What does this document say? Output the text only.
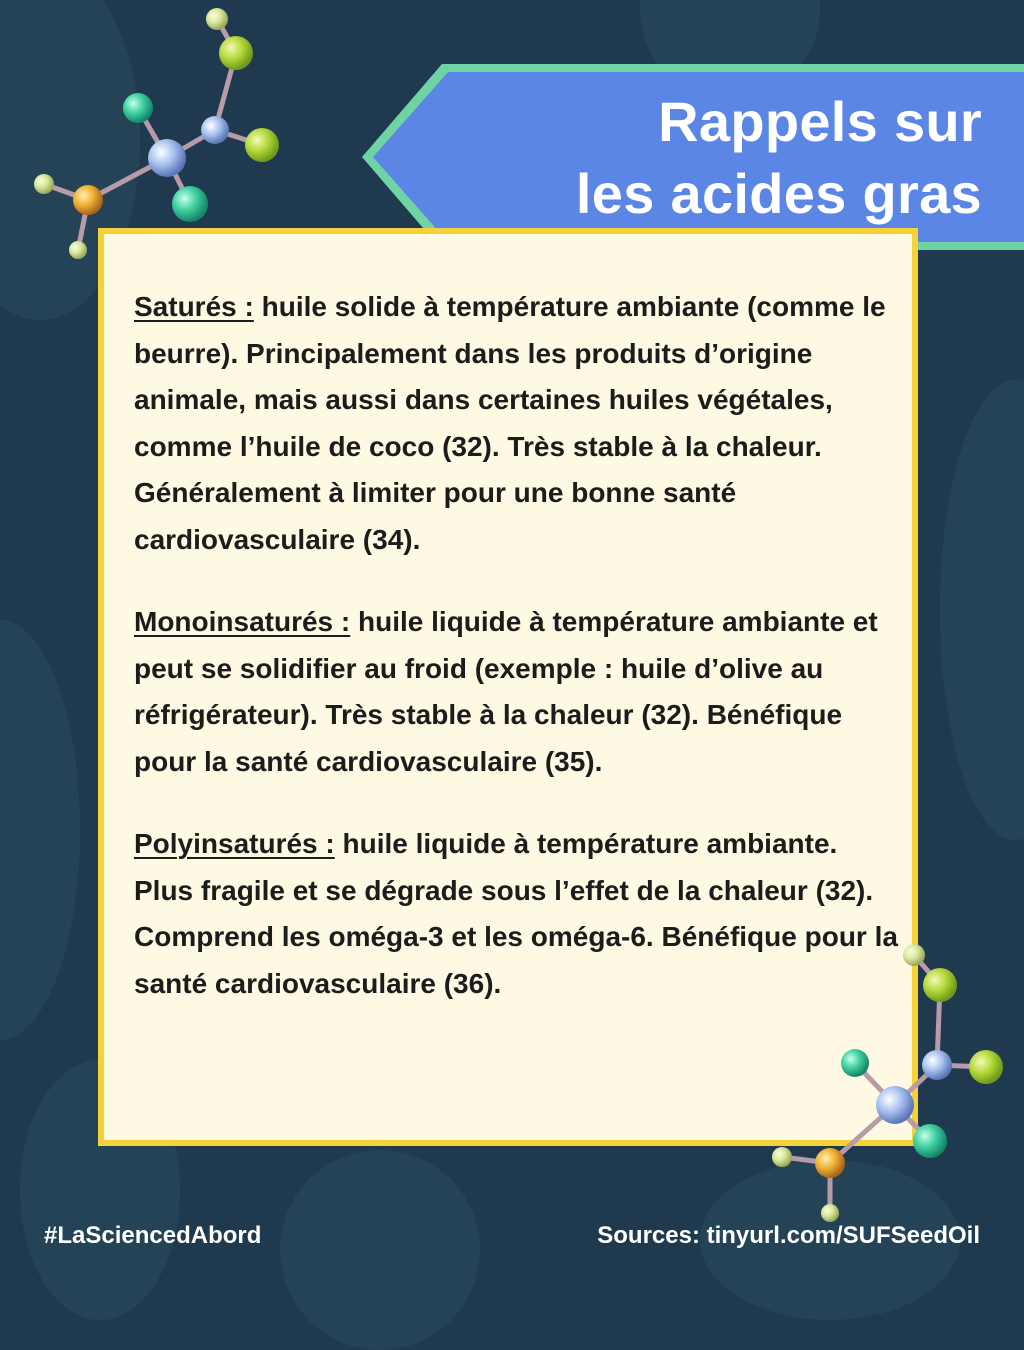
Rappels sur
les acides gras

Saturés : huile solide à température ambiante (comme le beurre). Principalement dans les produits d’origine animale, mais aussi dans certaines huiles végétales, comme l’huile de coco (32). Très stable à la chaleur. Généralement à limiter pour une bonne santé cardiovasculaire (34).

Monoinsaturés : huile liquide à température ambiante et peut se solidifier au froid (exemple : huile d’olive au réfrigérateur). Très stable à la chaleur (32). Bénéfique pour la santé cardiovasculaire (35).

Polyinsaturés : huile liquide à température ambiante. Plus fragile et se dégrade sous l’effet de la chaleur (32). Comprend les oméga-3 et les oméga-6. Bénéfique pour la santé cardiovasculaire (36).

#LaSciencedAbord	Sources: tinyurl.com/SUFSeedOil
